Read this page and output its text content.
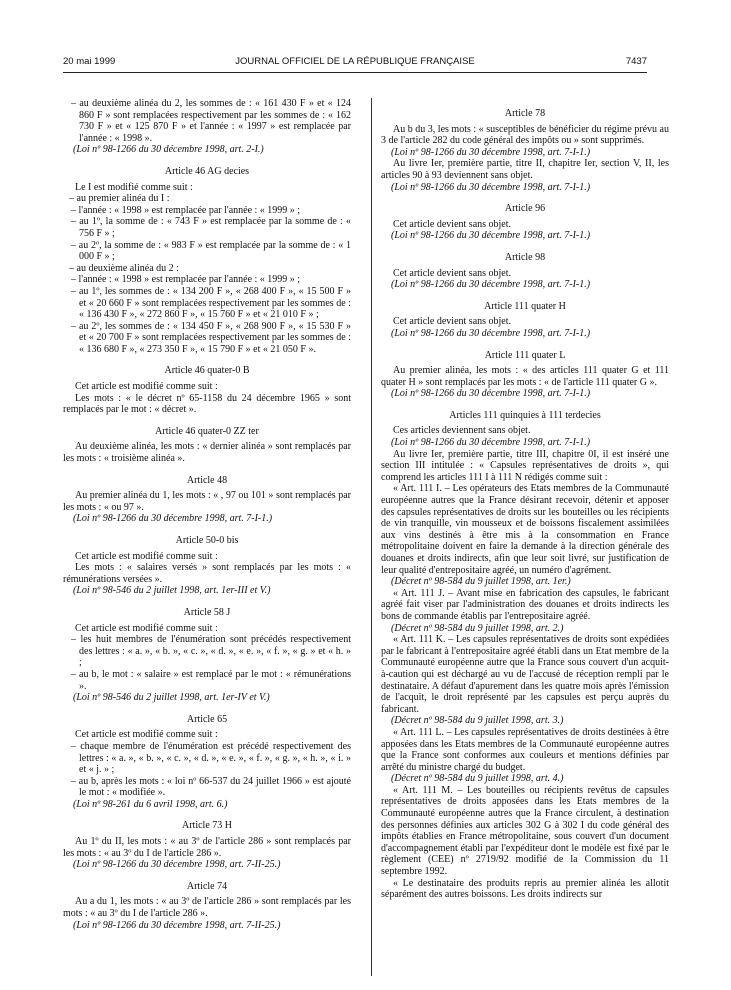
20 mai 1999	JOURNAL OFFICIEL DE LA RÉPUBLIQUE FRANÇAISE	7437

– au deuxième alinéa du 2, les sommes de : « 161 430 F » et « 124 860 F » sont remplacées respectivement par les sommes de : « 162 730 F » et « 125 870 F » et l'année : « 1997 » est remplacée par l'année : « 1998 ».

(Loi nº 98-1266 du 30 décembre 1998, art. 2-I.)

Article 46 AG decies

Le I est modifié comme suit :

– au premier alinéa du I :

– l'année : « 1998 » est remplacée par l'année : « 1999 » ;

– au 1º, la somme de : « 743 F » est remplacée par la somme de : « 756 F » ;

– au 2º, la somme de : « 983 F » est remplacée par la somme de : « 1 000 F » ;

– au deuxième alinéa du 2 :

– l'année : « 1998 » est remplacée par l'année : « 1999 » ;

– au 1º, les sommes de : « 134 200 F », « 268 400 F », « 15 500 F » et « 20 660 F » sont remplacées respectivement par les sommes de : « 136 430 F », « 272 860 F », « 15 760 F » et « 21 010 F » ;

– au 2º, les sommes de : « 134 450 F », « 268 900 F », « 15 530 F » et « 20 700 F » sont remplacées respectivement par les sommes de : « 136 680 F », « 273 350 F », « 15 790 F » et « 21 050 F ».

Article 46 quater-0 B

Cet article est modifié comme suit :

Les mots : « le décret nº 65-1158 du 24 décembre 1965 » sont remplacés par le mot : « décret ».

Article 46 quater-0 ZZ ter

Au deuxième alinéa, les mots : « dernier alinéa » sont remplacés par les mots : « troisième alinéa ».

Article 48

Au premier alinéa du 1, les mots : « , 97 ou 101 » sont remplacés par les mots : « ou 97 ».

(Loi nº 98-1266 du 30 décembre 1998, art. 7-I-1.)

Article 50-0 bis

Cet article est modifié comme suit :

Les mots : « salaires versés » sont remplacés par les mots : « rémunérations versées ».

(Loi nº 98-546 du 2 juillet 1998, art. 1er-III et V.)

Article 58 J

Cet article est modifié comme suit :

– les huit membres de l'énumération sont précédés respectivement des lettres : « a. », « b. », « c. », « d. », « e. », « f. », « g. » et « h. » ;

– au b, le mot : « salaire » est remplacé par le mot : « rémunérations ».

(Loi nº 98-546 du 2 juillet 1998, art. 1er-IV et V.)

Article 65

Cet article est modifié comme suit :

– chaque membre de l'énumération est précédé respectivement des lettres : « a. », « b. », « c. », « d. », « e. », « f. », « g. », « h. », « i. » et « j. » ;

– au b, après les mots : « loi nº 66-537 du 24 juillet 1966 » est ajouté le mot : « modifiée ».

(Loi nº 98-261 du 6 avril 1998, art. 6.)

Article 73 H

Au 1º du II, les mots : « au 3º de l'article 286 » sont remplacés par les mots : « au 3º du I de l'article 286 ».

(Loi nº 98-1266 du 30 décembre 1998, art. 7-II-25.)

Article 74

Au a du 1, les mots : « au 3º de l'article 286 » sont remplacés par les mots : « au 3º du I de l'article 286 ».

(Loi nº 98-1266 du 30 décembre 1998, art. 7-II-25.)

Article 78

Au b du 3, les mots : « susceptibles de bénéficier du régime prévu au 3 de l'article 282 du code général des impôts ou » sont supprimés.

(Loi nº 98-1266 du 30 décembre 1998, art. 7-I-1.)

Au livre Ier, première partie, titre II, chapitre Ier, section V, II, les articles 90 à 93 deviennent sans objet.

(Loi nº 98-1266 du 30 décembre 1998, art. 7-I-1.)

Article 96

Cet article devient sans objet.

(Loi nº 98-1266 du 30 décembre 1998, art. 7-I-1.)

Article 98

Cet article devient sans objet.

(Loi nº 98-1266 du 30 décembre 1998, art. 7-I-1.)

Article 111 quater H

Cet article devient sans objet.

(Loi nº 98-1266 du 30 décembre 1998, art. 7-I-1.)

Article 111 quater L

Au premier alinéa, les mots : « des articles 111 quater G et 111 quater H » sont remplacés par les mots : « de l'article 111 quater G ».

(Loi nº 98-1266 du 30 décembre 1998, art. 7-I-1.)

Articles 111 quinquies à 111 terdecies

Ces articles deviennent sans objet.

(Loi nº 98-1266 du 30 décembre 1998, art. 7-I-1.)

Au livre Ier, première partie, titre III, chapitre 0I, il est inséré une section III intitulée : « Capsules représentatives de droits », qui comprend les articles 111 I à 111 N rédigés comme suit :

« Art. 111 I. – Les opérateurs des Etats membres de la Communauté européenne autres que la France désirant recevoir, détenir et apposer des capsules représentatives de droits sur les bouteilles ou les récipients de vin tranquille, vin mousseux et de boissons fiscalement assimilées aux vins destinés à être mis à la consommation en France métropolitaine doivent en faire la demande à la direction générale des douanes et droits indirects, afin que leur soit livré, sur justification de leur qualité d'entrepositaire agréé, un numéro d'agrément.

(Décret nº 98-584 du 9 juillet 1998, art. 1er.)

« Art. 111 J. – Avant mise en fabrication des capsules, le fabricant agréé fait viser par l'administration des douanes et droits indirects les bons de commande établis par l'entrepositaire agréé.

(Décret nº 98-584 du 9 juillet 1998, art. 2.)

« Art. 111 K. – Les capsules représentatives de droits sont expédiées par le fabricant à l'entrepositaire agréé établi dans un Etat membre de la Communauté européenne autre que la France sous couvert d'un acquit-à-caution qui est déchargé au vu de l'accusé de réception rempli par le destinataire. A défaut d'apurement dans les quatre mois après l'émission de l'acquit, le droit représenté par les capsules est perçu auprès du fabricant.

(Décret nº 98-584 du 9 juillet 1998, art. 3.)

« Art. 111 L. – Les capsules représentatives de droits destinées à être apposées dans les Etats membres de la Communauté européenne autres que la France sont conformes aux couleurs et mentions définies par arrêté du ministre chargé du budget.

(Décret nº 98-584 du 9 juillet 1998, art. 4.)

« Art. 111 M. – Les bouteilles ou récipients revêtus de capsules représentatives de droits apposées dans les Etats membres de la Communauté européenne autres que la France circulent, à destination des personnes définies aux articles 302 G à 302 I du code général des impôts établies en France métropolitaine, sous couvert d'un document d'accompagnement établi par l'expéditeur dont le modèle est fixé par le règlement (CEE) nº 2719/92 modifié de la Commission du 11 septembre 1992.

« Le destinataire des produits repris au premier alinéa les allotit séparément des autres boissons. Les droits indirects sur
